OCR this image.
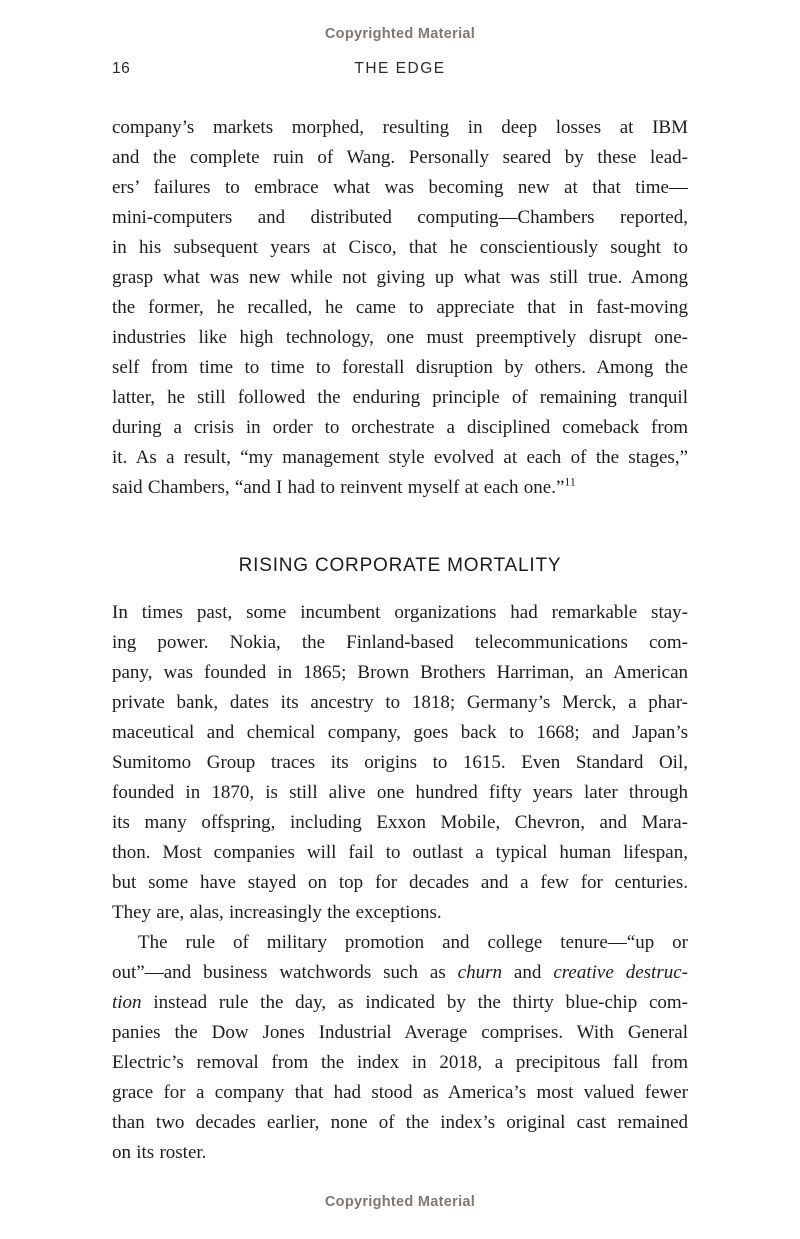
Copyrighted Material
16	THE EDGE
company’s markets morphed, resulting in deep losses at IBM
and the complete ruin of Wang. Personally seared by these lead-
ers’ failures to embrace what was becoming new at that time—
mini-computers and distributed computing—Chambers reported,
in his subsequent years at Cisco, that he conscientiously sought to
grasp what was new while not giving up what was still true. Among
the former, he recalled, he came to appreciate that in fast-moving
industries like high technology, one must preemptively disrupt one-
self from time to time to forestall disruption by others. Among the
latter, he still followed the enduring principle of remaining tranquil
during a crisis in order to orchestrate a disciplined comeback from
it. As a result, “my management style evolved at each of the stages,”
said Chambers, “and I had to reinvent myself at each one.”$^{11}$
RISING CORPORATE MORTALITY
In times past, some incumbent organizations had remarkable stay-
ing power. Nokia, the Finland-based telecommunications com-
pany, was founded in 1865; Brown Brothers Harriman, an American
private bank, dates its ancestry to 1818; Germany’s Merck, a phar-
maceutical and chemical company, goes back to 1668; and Japan’s
Sumitomo Group traces its origins to 1615. Even Standard Oil,
founded in 1870, is still alive one hundred fifty years later through
its many offspring, including Exxon Mobile, Chevron, and Mara-
thon. Most companies will fail to outlast a typical human lifespan,
but some have stayed on top for decades and a few for centuries.
They are, alas, increasingly the exceptions.
The rule of military promotion and college tenure—“up or
out”—and business watchwords such as churn and creative destruc-
tion instead rule the day, as indicated by the thirty blue-chip com-
panies the Dow Jones Industrial Average comprises. With General
Electric’s removal from the index in 2018, a precipitous fall from
grace for a company that had stood as America’s most valued fewer
than two decades earlier, none of the index’s original cast remained
on its roster.
Copyrighted Material
